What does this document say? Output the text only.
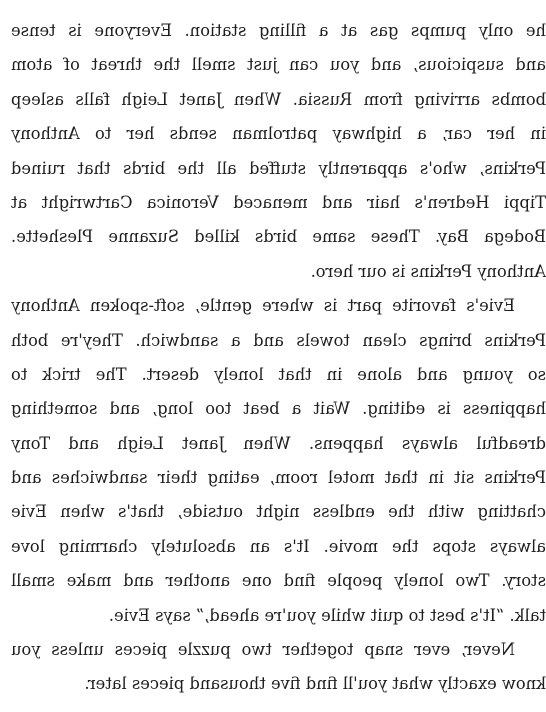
he only pumps gas at a filling station. Everyone is tense
and suspicious, and you can just smell the threat of atom
bombs arriving from Russia. When Janet Leigh falls asleep
in her car, a highway patrolman sends her to Anthony
Perkins, who's apparently stuffed all the birds that ruined
Tippi Hedren's hair and menaced Veronica Cartwright at
Bodega Bay. These same birds killed Suzanne Pleshette.
Anthony Perkins is our hero.
Evie's favorite part is where gentle, soft-spoken Anthony
Perkins brings clean towels and a sandwich. They're both
so young and alone in that lonely desert. The trick to
happiness is editing. Wait a beat too long, and something
dreadful always happens. When Janet Leigh and Tony
Perkins sit in that motel room, eating their sandwiches and
chatting with the endless night outside, that's when Evie
always stops the movie. It's an absolutely charming love
story. Two lonely people find one another and make small
talk. “It's best to quit while you're ahead,” says Evie.
Never, ever snap together two puzzle pieces unless you
know exactly what you'll find five thousand pieces later.
